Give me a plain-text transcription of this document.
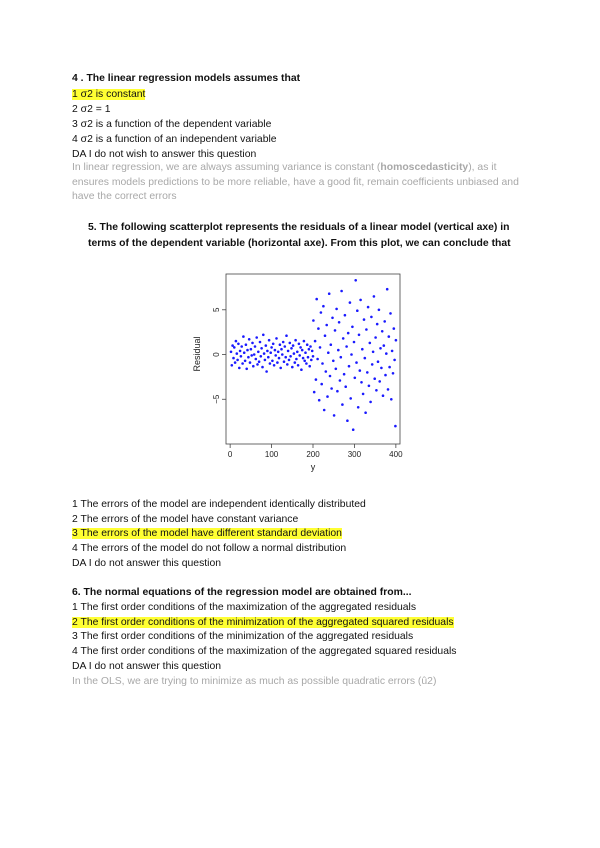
4 . The linear regression models assumes that
1 σ2 is constant
2 σ2 = 1
3 σ2 is a function of the dependent variable
4 σ2 is a function of an independent variable
DA I do not wish to answer this question
In linear regression, we are always assuming variance is constant (homoscedasticity), as it ensures models predictions to be more reliable, have a good fit, remain coefficients unbiased and have the correct errors
5. The following scatterplot represents the residuals of a linear model (vertical axe) in terms of the dependent variable (horizontal axe). From this plot, we can conclude that
0	100	200	300	400
−5
0
5
y
Residual
1 The errors of the model are independent identically distributed
2 The errors of the model have constant variance
3 The errors of the model have different standard deviation
4 The errors of the model do not follow a normal distribution
DA I do not answer this question
6. The normal equations of the regression model are obtained from...
1 The first order conditions of the maximization of the aggregated residuals
2 The first order conditions of the minimization of the aggregated squared residuals
3 The first order conditions of the minimization of the aggregated residuals
4 The first order conditions of the maximization of the aggregated squared residuals
DA I do not answer this question
In the OLS, we are trying to minimize as much as possible quadratic errors (û2)
